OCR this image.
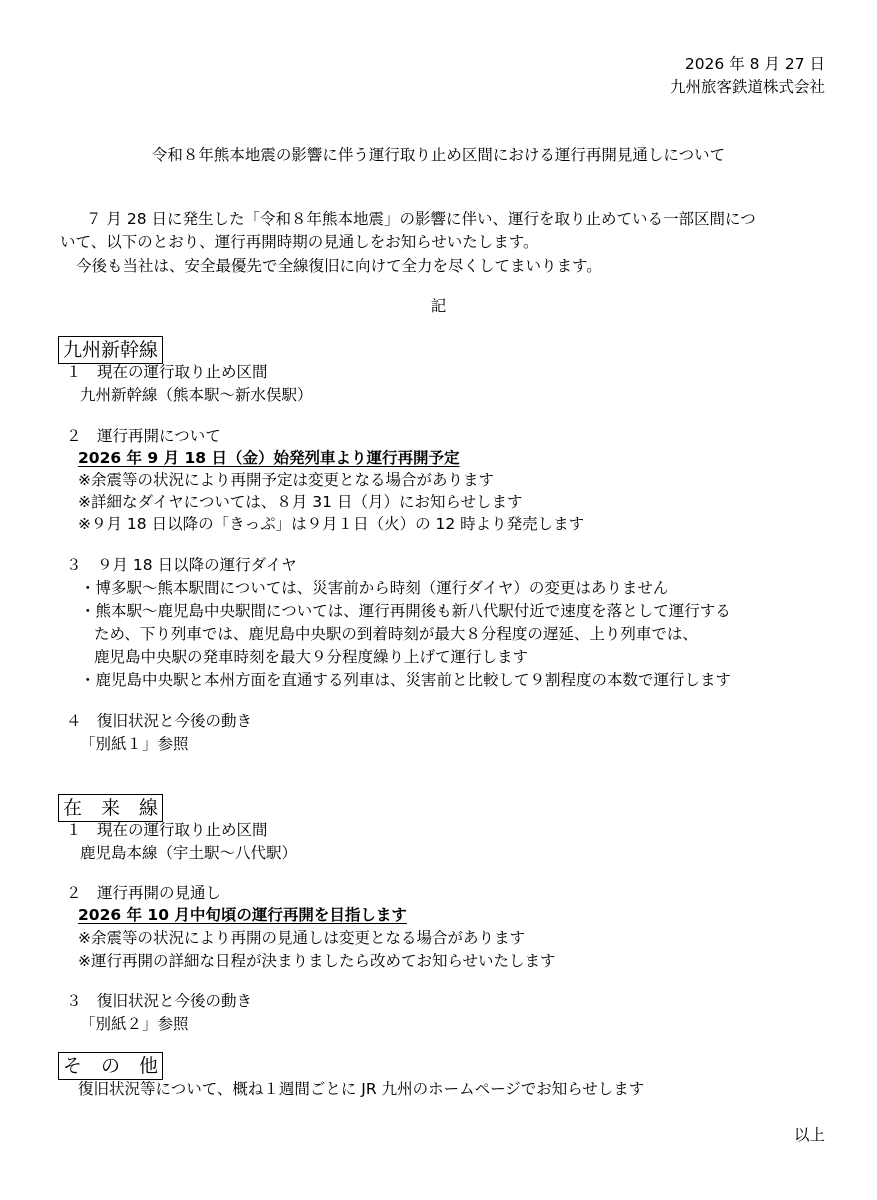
2026 年 8 月 27 日
九州旅客鉄道株式会社
令和８年熊本地震の影響に伴う運行取り止め区間における運行再開見通しについて
７ 月 28 日に発生した「令和８年熊本地震」の影響に伴い、運行を取り止めている一部区間につ
いて、以下のとおり、運行再開時期の見通しをお知らせいたします。
今後も当社は、安全最優先で全線復旧に向けて全力を尽くしてまいります。
記
九州新幹線
１　現在の運行取り止め区間
九州新幹線（熊本駅～新水俣駅）
２　運行再開について
2026 年 9 月 18 日（金）始発列車より運行再開予定
※余震等の状況により再開予定は変更となる場合があります
※詳細なダイヤについては、８月 31 日（月）にお知らせします
※９月 18 日以降の「きっぷ」は９月１日（火）の 12 時より発売します
３　９月 18 日以降の運行ダイヤ
・博多駅～熊本駅間については、災害前から時刻（運行ダイヤ）の変更はありません
・熊本駅～鹿児島中央駅間については、運行再開後も新八代駅付近で速度を落として運行する
ため、下り列車では、鹿児島中央駅の到着時刻が最大８分程度の遅延、上り列車では、
鹿児島中央駅の発車時刻を最大９分程度繰り上げて運行します
・鹿児島中央駅と本州方面を直通する列車は、災害前と比較して９割程度の本数で運行します
４　復旧状況と今後の動き
「別紙１」参照
在　来　線
１　現在の運行取り止め区間
鹿児島本線（宇土駅～八代駅）
２　運行再開の見通し
2026 年 10 月中旬頃の運行再開を目指します
※余震等の状況により再開の見通しは変更となる場合があります
※運行再開の詳細な日程が決まりましたら改めてお知らせいたします
３　復旧状況と今後の動き
「別紙２」参照
そ　の　他
復旧状況等について、概ね１週間ごとに JR 九州のホームページでお知らせします
以上
